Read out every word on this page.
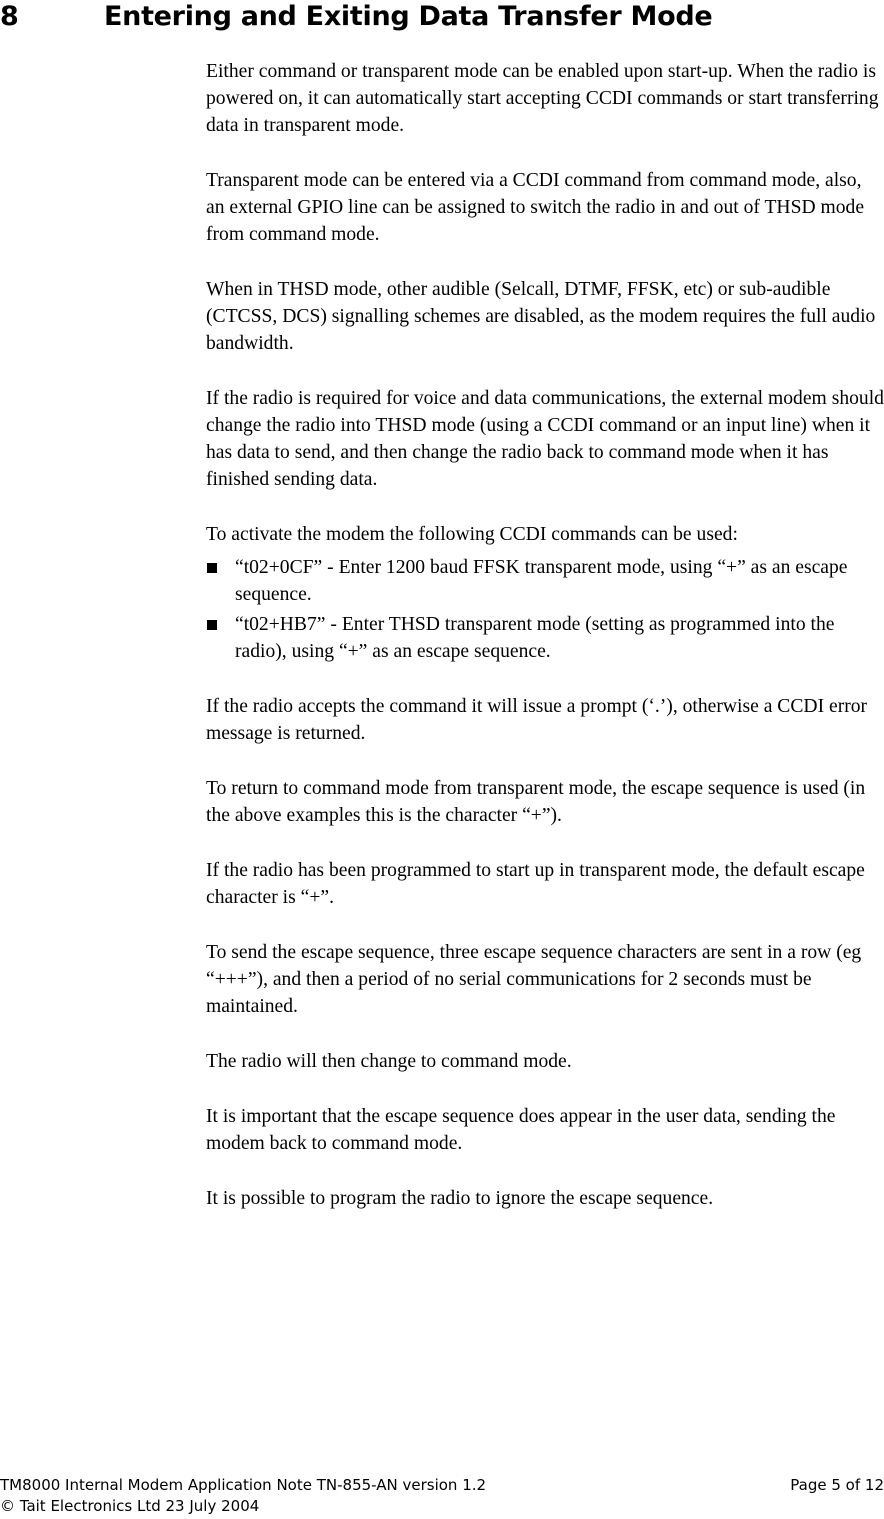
8	Entering and Exiting Data Transfer Mode

Either command or transparent mode can be enabled upon start-up. When the radio is powered on, it can automatically start accepting CCDI commands or start transferring data in transparent mode.

Transparent mode can be entered via a CCDI command from command mode, also, an external GPIO line can be assigned to switch the radio in and out of THSD mode from command mode.

When in THSD mode, other audible (Selcall, DTMF, FFSK, etc) or sub-audible (CTCSS, DCS) signalling schemes are disabled, as the modem requires the full audio bandwidth.

If the radio is required for voice and data communications, the external modem should change the radio into THSD mode (using a CCDI command or an input line) when it has data to send, and then change the radio back to command mode when it has finished sending data.

To activate the modem the following CCDI commands can be used:

“t02+0CF” - Enter 1200 baud FFSK transparent mode, using “+” as an escape sequence.
“t02+HB7” - Enter THSD transparent mode (setting as programmed into the radio), using “+” as an escape sequence.

If the radio accepts the command it will issue a prompt (‘.’), otherwise a CCDI error message is returned.

To return to command mode from transparent mode, the escape sequence is used (in the above examples this is the character “+”).

If the radio has been programmed to start up in transparent mode, the default escape character is “+”.

To send the escape sequence, three escape sequence characters are sent in a row (eg “+++”), and then a period of no serial communications for 2 seconds must be maintained.

The radio will then change to command mode.

It is important that the escape sequence does appear in the user data, sending the modem back to command mode.

It is possible to program the radio to ignore the escape sequence.

TM8000 Internal Modem Application Note TN-855-AN version 1.2	Page 5 of 12
© Tait Electronics Ltd 23 July 2004
